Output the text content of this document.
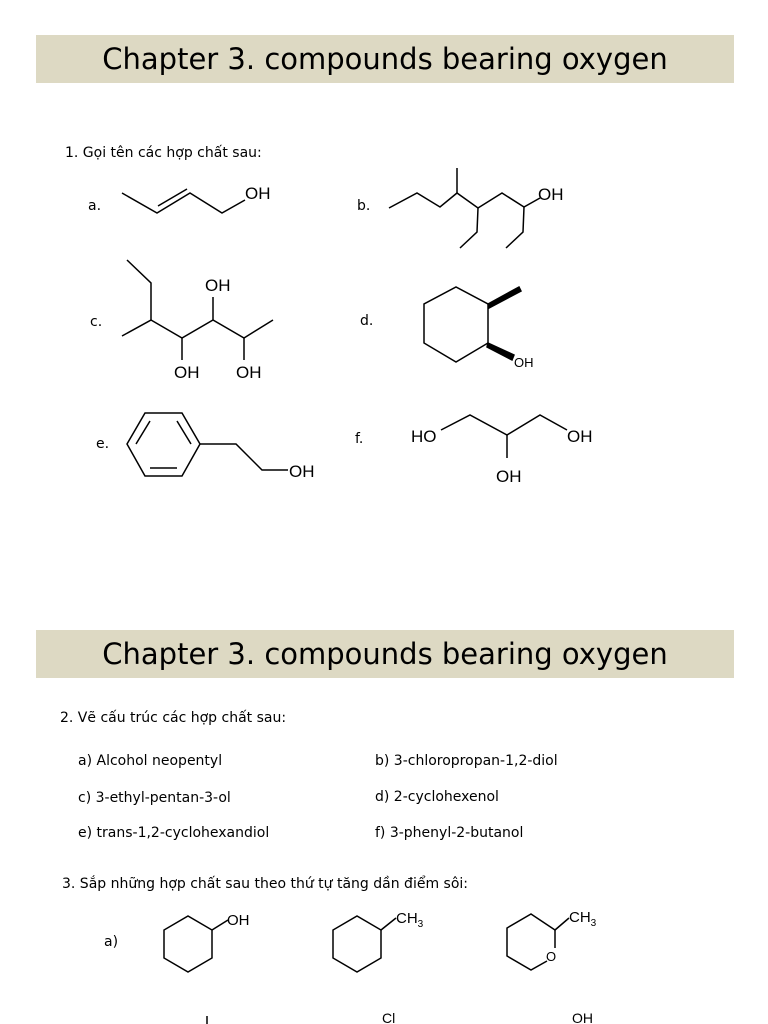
Chapter 3. compounds bearing oxygen
1. Gọi tên các hợp chất sau:
a.	b.
c.	d.
e.	f.
OH	OH
OH
OH OH
OH
OH
HO	OH
OH
Chapter 3. compounds bearing oxygen
2. Vẽ cấu trúc các hợp chất sau:
a) Alcohol neopentyl	b) 3-chloropropan-1,2-diol
c) 3-ethyl-pentan-3-ol	d) 2-cyclohexenol
e) trans-1,2-cyclohexandiol	f) 3-phenyl-2-butanol
3. Sắp những hợp chất sau theo thứ tự tăng dần điểm sôi:
a)
OH	$CH_3$
O
$CH_3$
Cl	OH
